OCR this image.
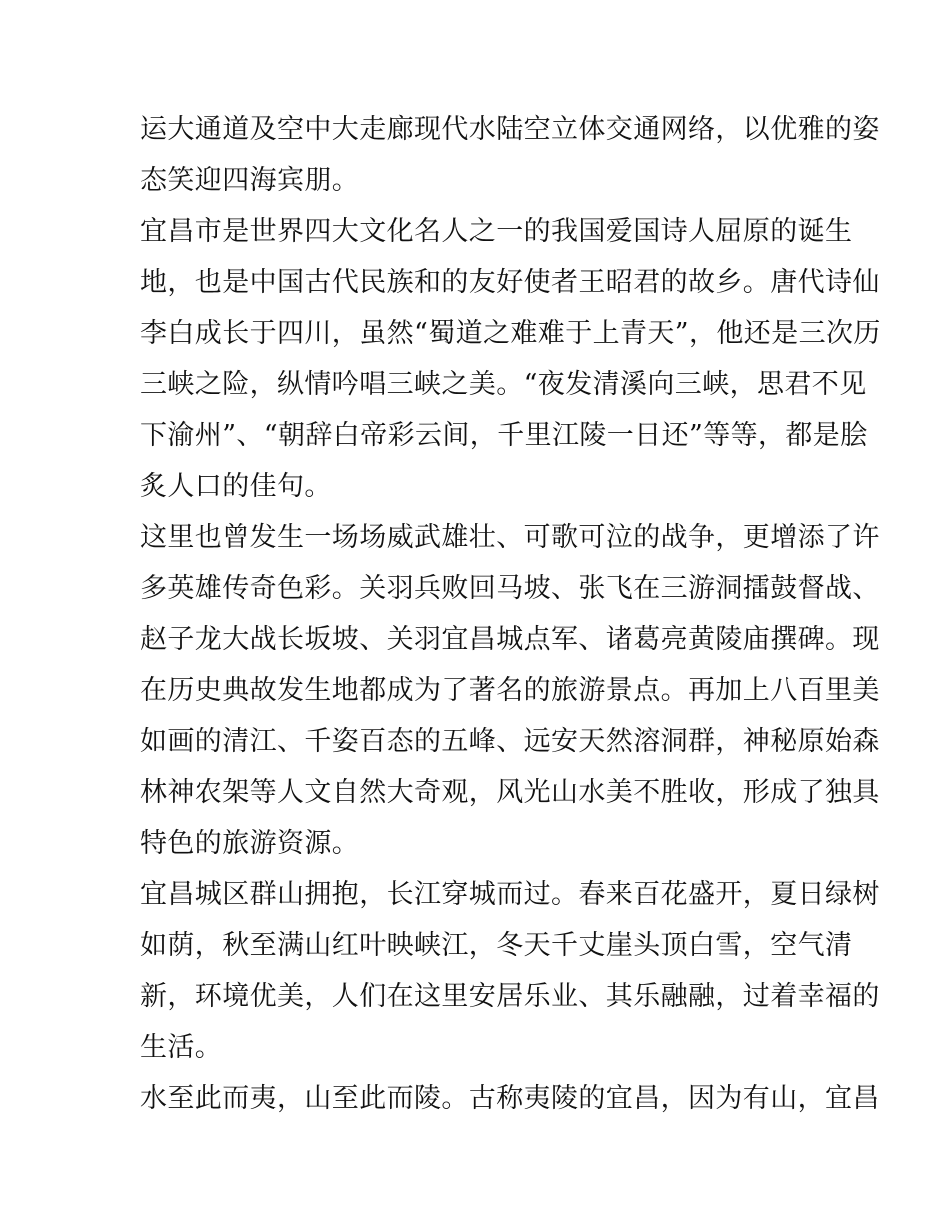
运大通道及空中大走廊现代水陆空立体交通网络，以优雅的姿
态笑迎四海宾朋。
宜昌市是世界四大文化名人之一的我国爱国诗人屈原的诞生
地，也是中国古代民族和的友好使者王昭君的故乡。唐代诗仙
李白成长于四川，虽然“蜀道之难难于上青天”，他还是三次历
三峡之险，纵情吟唱三峡之美。“夜发清溪向三峡，思君不见
下渝州”、“朝辞白帝彩云间，千里江陵一日还”等等，都是脍
炙人口的佳句。
这里也曾发生一场场威武雄壮、可歌可泣的战争，更增添了许
多英雄传奇色彩。关羽兵败回马坡、张飞在三游洞擂鼓督战、
赵子龙大战长坂坡、关羽宜昌城点军、诸葛亮黄陵庙撰碑。现
在历史典故发生地都成为了著名的旅游景点。再加上八百里美
如画的清江、千姿百态的五峰、远安天然溶洞群，神秘原始森
林神农架等人文自然大奇观，风光山水美不胜收，形成了独具
特色的旅游资源。
宜昌城区群山拥抱，长江穿城而过。春来百花盛开，夏日绿树
如荫，秋至满山红叶映峡江，冬天千丈崖头顶白雪，空气清
新，环境优美，人们在这里安居乐业、其乐融融，过着幸福的
生活。
水至此而夷，山至此而陵。古称夷陵的宜昌，因为有山，宜昌
